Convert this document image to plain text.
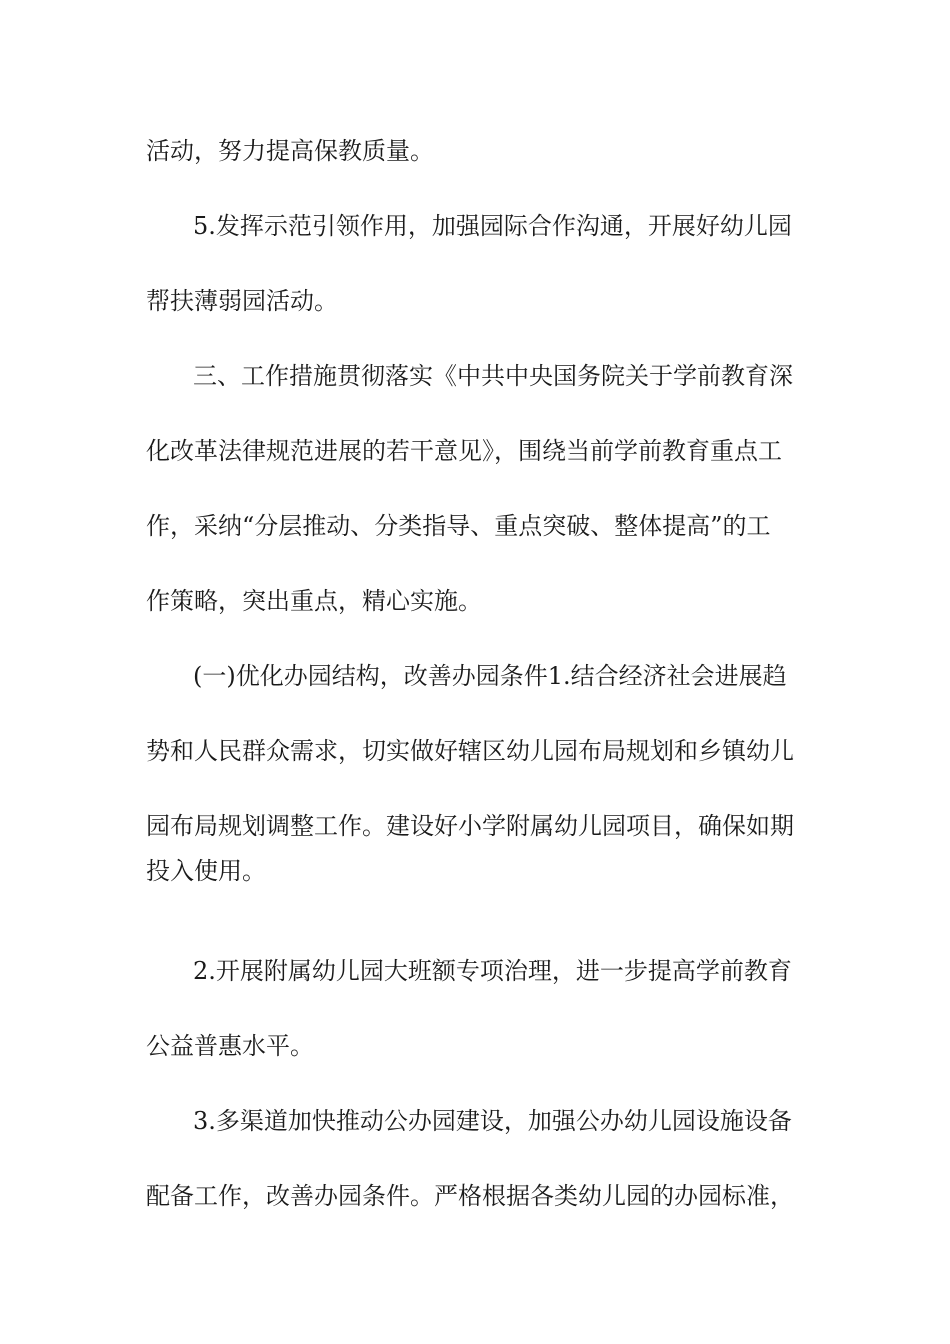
活动，努力提高保教质量。
5.发挥示范引领作用，加强园际合作沟通，开展好幼儿园
帮扶薄弱园活动。
三、工作措施贯彻落实《中共中央国务院关于学前教育深
化改革法律规范进展的若干意见》，围绕当前学前教育重点工
作，采纳“分层推动、分类指导、重点突破、整体提高”的工
作策略，突出重点，精心实施。
(一)优化办园结构，改善办园条件1.结合经济社会进展趋
势和人民群众需求，切实做好辖区幼儿园布局规划和乡镇幼儿
园布局规划调整工作。建设好小学附属幼儿园项目，确保如期
投入使用。
2.开展附属幼儿园大班额专项治理，进一步提高学前教育
公益普惠水平。
3.多渠道加快推动公办园建设，加强公办幼儿园设施设备
配备工作，改善办园条件。严格根据各类幼儿园的办园标准，
